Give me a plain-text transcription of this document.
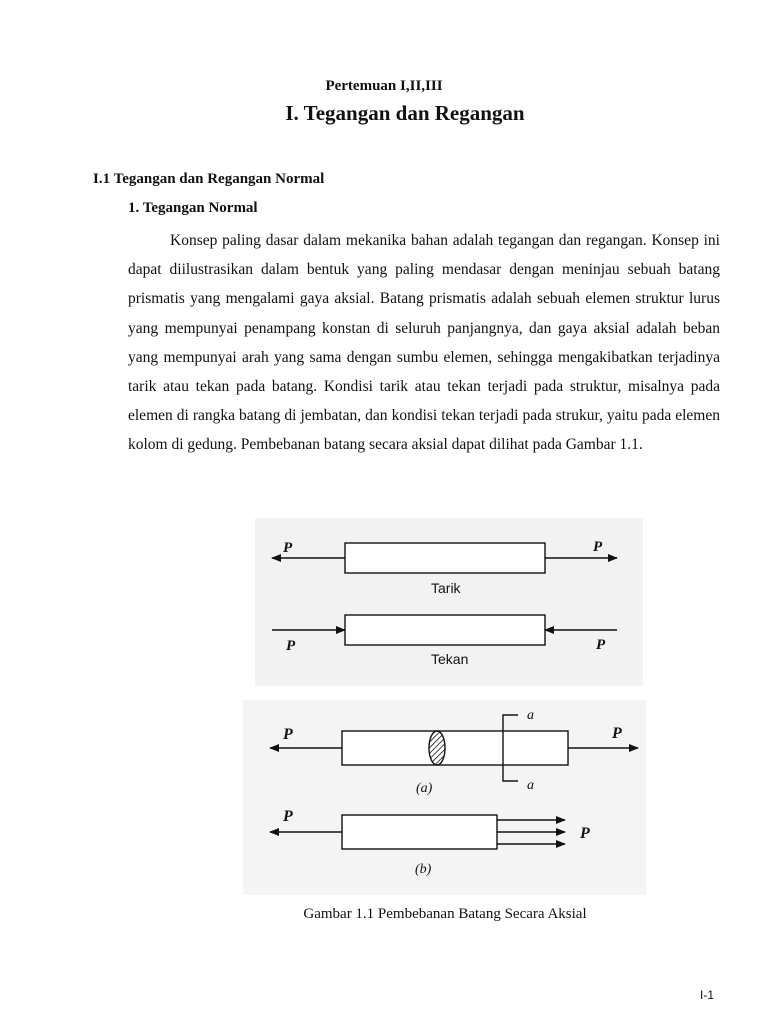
Pertemuan I,II,III
I. Tegangan dan Regangan
I.1 Tegangan dan Regangan Normal
1. Tegangan Normal
Konsep paling dasar dalam mekanika bahan adalah tegangan dan regangan. Konsep ini dapat diilustrasikan dalam bentuk yang paling mendasar dengan meninjau sebuah batang prismatis yang mengalami gaya aksial. Batang prismatis adalah sebuah elemen struktur lurus yang mempunyai penampang konstan di seluruh panjangnya, dan gaya aksial adalah beban yang mempunyai arah yang sama dengan sumbu elemen, sehingga mengakibatkan terjadinya tarik atau tekan pada batang. Kondisi tarik atau tekan terjadi pada struktur, misalnya pada elemen di rangka batang di jembatan, dan kondisi tekan terjadi pada strukur, yaitu pada elemen kolom di gedung. Pembebanan batang secara aksial dapat dilihat pada Gambar 1.1.
P	P
P	P
Tarik
Tekan
P	P
a
a
(a)
P
P
(b)
Gambar 1.1 Pembebanan Batang Secara Aksial
I-1
